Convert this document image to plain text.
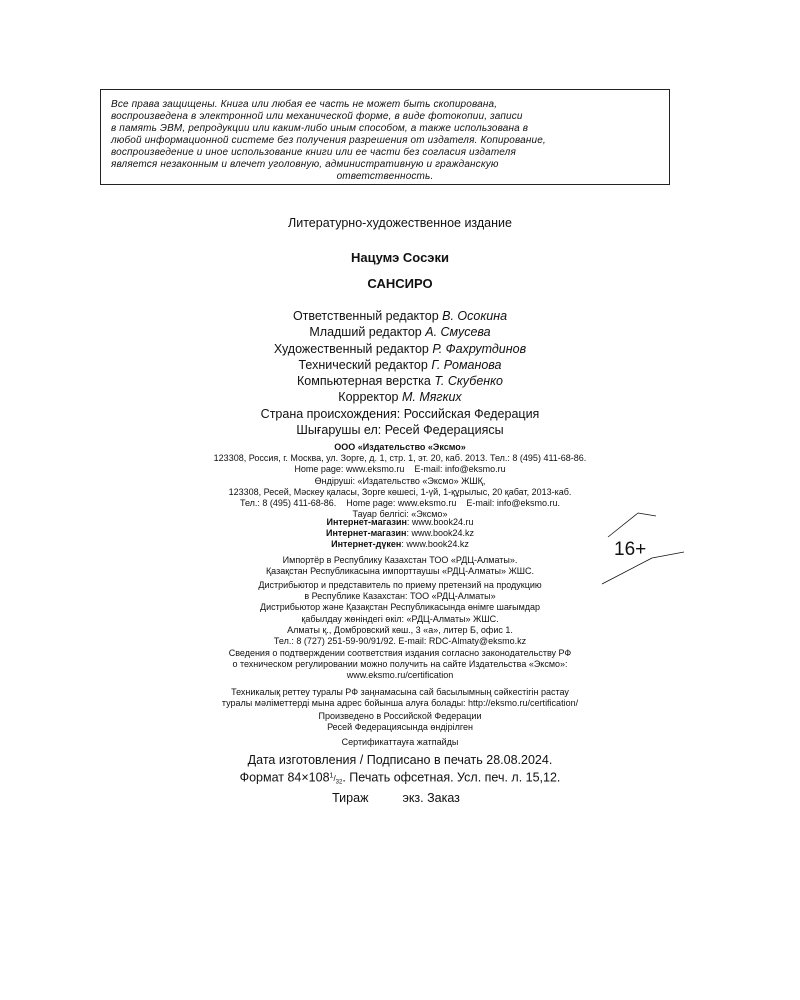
Все права защищены. Книга или любая ее часть не может быть скопирована,

воспроизведена в электронной или механической форме, в виде фотокопии, записи

в память ЭВМ, репродукции или каким-либо иным способом, а также использована в

любой информационной системе без получения разрешения от издателя. Копирование,

воспроизведение и иное использование книги или ее части без согласия издателя

является незаконным и влечет уголовную, административную и гражданскую

ответственность.

Литературно-художественное издание
Нацумэ Сосэки
САНСИРО
Ответственный редактор В. Осокина
Младший редактор А. Смусева
Художественный редактор Р. Фахрутдинов
Технический редактор Г. Романова
Компьютерная верстка Т. Скубенко
Корректор М. Мягких
Страна происхождения: Российская Федерация
Шығарушы ел: Ресей Федерациясы
ООО «Издательство «Эксмо»
123308, Россия, г. Москва, ул. Зорге, д. 1, стр. 1, эт. 20, каб. 2013. Тел.: 8 (495) 411-68-86.
Home page: www.eksmo.ru    E-mail: info@eksmo.ru
Өндіруші: «Издательство «Эксмо» ЖШҚ,
123308, Ресей, Мәскеу қаласы, Зорге көшесі, 1-үй, 1-құрылыс, 20 қабат, 2013-каб.
Тел.: 8 (495) 411-68-86.    Home page: www.eksmo.ru    E-mail: info@eksmo.ru.
Тауар белгісі: «Эксмо»
Интернет-магазин: www.book24.ru
Интернет-магазин: www.book24.kz
Интернет-дүкен: www.book24.kz
Импортёр в Республику Казахстан ТОО «РДЦ-Алматы».
Қазақстан Республикасына импорттаушы «РДЦ-Алматы» ЖШС.
Дистрибьютор и представитель по приему претензий на продукцию
в Республике Казахстан: ТОО «РДЦ-Алматы»
Дистрибьютор және Қазақстан Республикасында өнімге шағымдар
қабылдау жөніндегі өкіл: «РДЦ-Алматы» ЖШС.
Алматы қ., Домбровский көш., 3 «а», литер Б, офис 1.
Тел.: 8 (727) 251-59-90/91/92. E-mail: RDC-Almaty@eksmo.kz
Сведения о подтверждении соответствия издания согласно законодательству РФ
о техническом регулировании можно получить на сайте Издательства «Эксмо»:
www.eksmo.ru/certification
Техникалық реттеу туралы РФ заңнамасына сай басылымның сәйкестігін растау
туралы мәліметтерді мына адрес бойынша алуға болады: http://eksmo.ru/certification/
Произведено в Российской Федерации
Ресей Федерациясында өндірілген
Сертификаттауға жатпайды
Дата изготовления / Подписано в печать 28.08.2024.
Формат $84\times 108^1/_{32}$. Печать офсетная. Усл. печ. л. 15,12.
Тираж	экз. Заказ
16+
